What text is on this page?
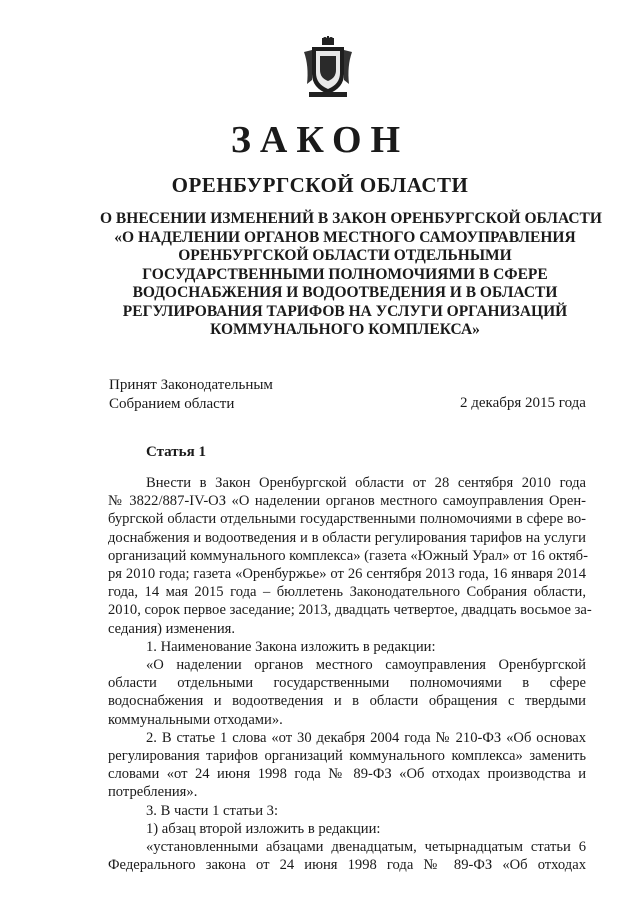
ЗАКОН
ОРЕНБУРГСКОЙ ОБЛАСТИ
О ВНЕСЕНИИ ИЗМЕНЕНИЙ В ЗАКОН ОРЕНБУРГСКОЙ ОБЛАСТИ
«О НАДЕЛЕНИИ ОРГАНОВ МЕСТНОГО САМОУПРАВЛЕНИЯ
ОРЕНБУРГСКОЙ ОБЛАСТИ ОТДЕЛЬНЫМИ
ГОСУДАРСТВЕННЫМИ ПОЛНОМОЧИЯМИ В СФЕРЕ
ВОДОСНАБЖЕНИЯ И ВОДООТВЕДЕНИЯ И В ОБЛАСТИ
РЕГУЛИРОВАНИЯ ТАРИФОВ НА УСЛУГИ ОРГАНИЗАЦИЙ
КОММУНАЛЬНОГО КОМПЛЕКСА»
Принят Законодательным
Собранием области	2 декабря 2015 года
Статья 1
Внести в Закон Оренбургской области от 28 сентября 2010 года
№ 3822/887-IV-ОЗ «О наделении органов местного самоуправления Орен-
бургской области отдельными государственными полномочиями в сфере во-
доснабжения и водоотведения и в области регулирования тарифов на услуги
организаций коммунального комплекса» (газета «Южный Урал» от 16 октяб-
ря 2010 года; газета «Оренбуржье» от 26 сентября 2013 года, 16 января 2014
года, 14 мая 2015 года – бюллетень Законодательного Собрания области,
2010, сорок первое заседание; 2013, двадцать четвертое, двадцать восьмое за-
седания) изменения.
1. Наименование Закона изложить в редакции:
«О наделении органов местного самоуправления Оренбургской
области отдельными государственными полномочиями в сфере
водоснабжения и водоотведения и в области обращения с твердыми
коммунальными отходами».
2. В статье 1 слова «от 30 декабря 2004 года № 210-ФЗ «Об основах
регулирования тарифов организаций коммунального комплекса» заменить
словами «от 24 июня 1998 года № 89-ФЗ «Об отходах производства и
потребления».
3. В части 1 статьи 3:
1) абзац второй изложить в редакции:
«установленными абзацами двенадцатым, четырнадцатым статьи 6
Федерального закона от 24 июня 1998 года № 89-ФЗ «Об отходах
